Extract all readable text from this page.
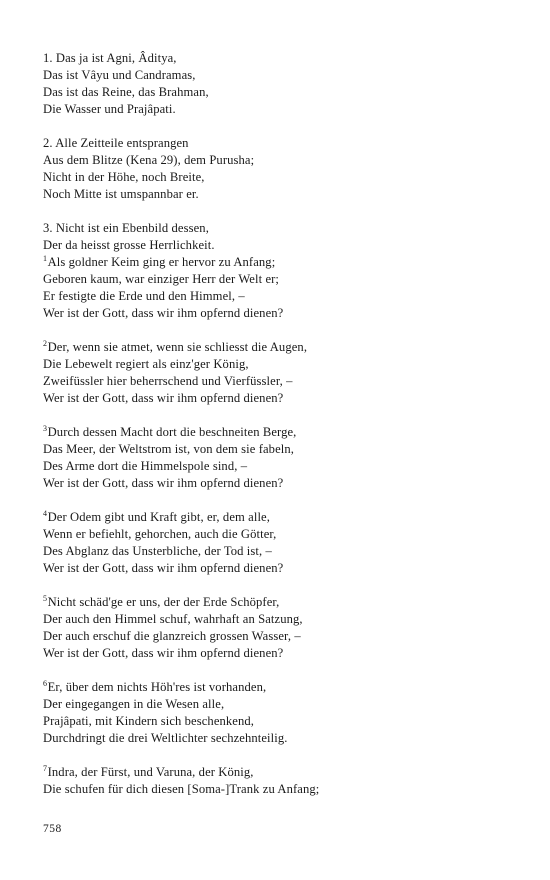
1. Das ja ist Agni, Âditya,
Das ist Vâyu und Candramas,
Das ist das Reine, das Brahman,
Die Wasser und Prajâpati.
2. Alle Zeitteile entsprangen
Aus dem Blitze (Kena 29), dem Purusha;
Nicht in der Höhe, noch Breite,
Noch Mitte ist umspannbar er.
3. Nicht ist ein Ebenbild dessen,
Der da heisst grosse Herrlichkeit.
$^1$Als goldner Keim ging er hervor zu Anfang;
Geboren kaum, war einziger Herr der Welt er;
Er festigte die Erde und den Himmel, –
Wer ist der Gott, dass wir ihm opfernd dienen?
$^2$Der, wenn sie atmet, wenn sie schliesst die Augen,
Die Lebewelt regiert als einz'ger König,
Zweifüssler hier beherrschend und Vierfüssler, –
Wer ist der Gott, dass wir ihm opfernd dienen?
$^3$Durch dessen Macht dort die beschneiten Berge,
Das Meer, der Weltstrom ist, von dem sie fabeln,
Des Arme dort die Himmelspole sind, –
Wer ist der Gott, dass wir ihm opfernd dienen?
$^4$Der Odem gibt und Kraft gibt, er, dem alle,
Wenn er befiehlt, gehorchen, auch die Götter,
Des Abglanz das Unsterbliche, der Tod ist, –
Wer ist der Gott, dass wir ihm opfernd dienen?
$^5$Nicht schäd'ge er uns, der der Erde Schöpfer,
Der auch den Himmel schuf, wahrhaft an Satzung,
Der auch erschuf die glanzreich grossen Wasser, –
Wer ist der Gott, dass wir ihm opfernd dienen?
$^6$Er, über dem nichts Höh'res ist vorhanden,
Der eingegangen in die Wesen alle,
Prajâpati, mit Kindern sich beschenkend,
Durchdringt die drei Weltlichter sechzehnteilig.
$^7$Indra, der Fürst, und Varuna, der König,
Die schufen für dich diesen [Soma-]Trank zu Anfang;
758
